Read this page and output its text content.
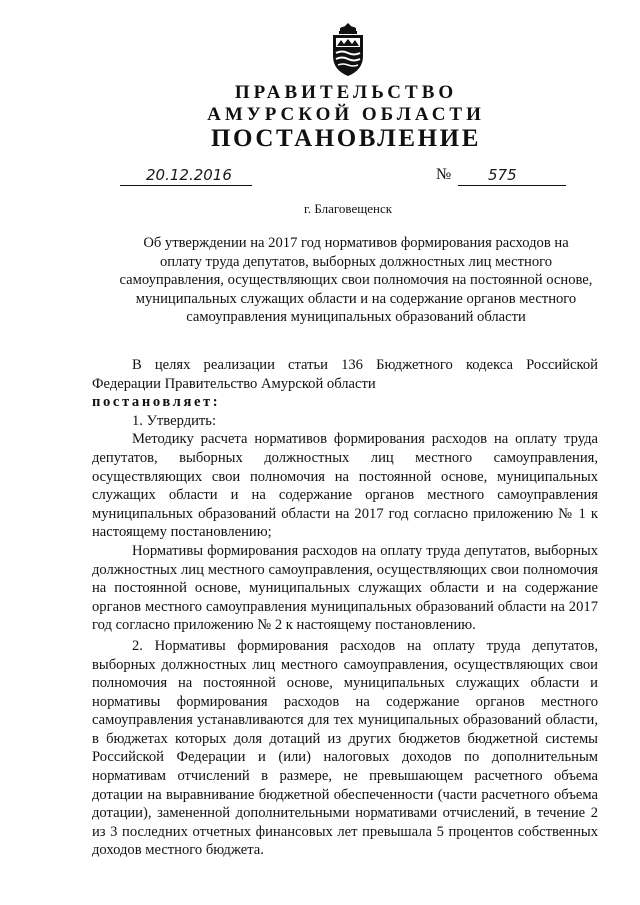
ПРАВИТЕЛЬСТВО
АМУРСКОЙ ОБЛАСТИ
ПОСТАНОВЛЕНИЕ
20.12.2016	№ 575
г. Благовещенск
Об утверждении на 2017 год нормативов формирования расходов на
оплату труда депутатов, выборных должностных лиц местного
самоуправления, осуществляющих свои полномочия на постоянной основе,
муниципальных служащих области и на содержание органов местного
самоуправления муниципальных образований области

В целях реализации статьи 136 Бюджетного кодекса Российской Федерации Правительство Амурской области

постановляет:

1. Утвердить:

Методику расчета нормативов формирования расходов на оплату труда депутатов, выборных должностных лиц местного самоуправления, осуществляющих свои полномочия на постоянной основе, муниципальных служащих области и на содержание органов местного самоуправления муниципальных образований области на 2017 год согласно приложению № 1 к настоящему постановлению;

Нормативы формирования расходов на оплату труда депутатов, выборных должностных лиц местного самоуправления, осуществляющих свои полномочия на постоянной основе, муниципальных служащих области и на содержание органов местного самоуправления муниципальных образований области на 2017 год согласно приложению № 2 к настоящему постановлению.

2. Нормативы формирования расходов на оплату труда депутатов, выборных должностных лиц местного самоуправления, осуществляющих свои полномочия на постоянной основе, муниципальных служащих области и нормативы формирования расходов на содержание органов местного самоуправления устанавливаются для тех муниципальных образований области, в бюджетах которых доля дотаций из других бюджетов бюджетной системы Российской Федерации и (или) налоговых доходов по дополнительным нормативам отчислений в размере, не превышающем расчетного объема дотации на выравнивание бюджетной обеспеченности (части расчетного объема дотации), замененной дополнительными нормативами отчислений, в течение 2 из 3 последних отчетных финансовых лет превышала 5 процентов собственных доходов местного бюджета.
